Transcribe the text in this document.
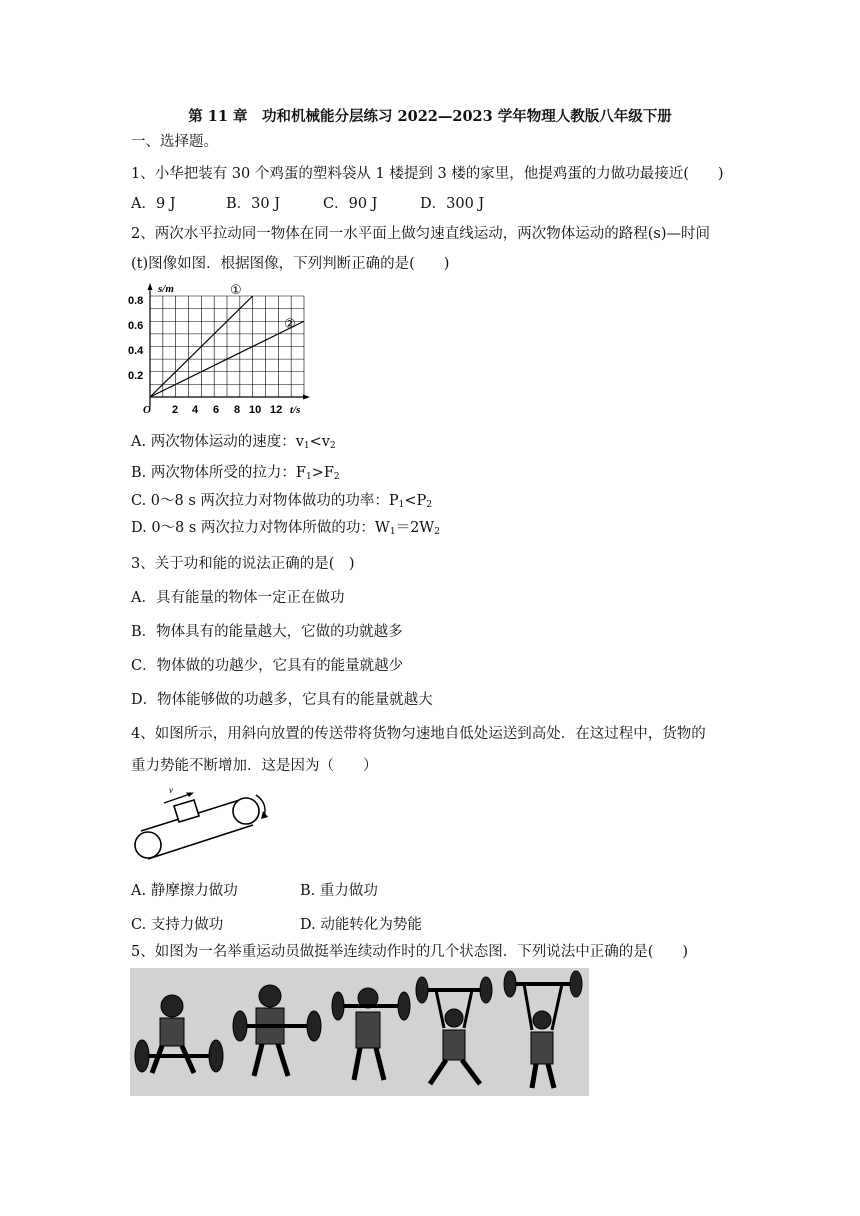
第 11 章　功和机械能分层练习 2022—2023 学年物理人教版八年级下册
一、选择题。
1、小华把装有 30 个鸡蛋的塑料袋从 1 楼提到 3 楼的家里，他提鸡蛋的力做功最接近(　　)
A．9 J	B．30 J	C．90 J	D．300 J
2、两次水平拉动同一物体在同一水平面上做匀速直线运动，两次物体运动的路程(s)—时间
(t)图像如图．根据图像，下列判断正确的是(　　)
s/m
t/s
O
0.2
0.4
0.6
0.8
2 4 6 8 10 12
①
②
A. 两次物体运动的速度：$v_1<v_2$
B. 两次物体所受的拉力：$F_1>F_2$
C. 0～8 s 两次拉力对物体做功的功率：$P_1<P_2$
D. 0～8 s 两次拉力对物体所做的功：$W_1=2W_2$
3、关于功和能的说法正确的是(　)
A．具有能量的物体一定正在做功
B．物体具有的能量越大，它做的功就越多
C．物体做的功越少，它具有的能量就越少
D．物体能够做的功越多，它具有的能量就越大
4、如图所示，用斜向放置的传送带将货物匀速地自低处运送到高处．在这过程中，货物的
重力势能不断增加．这是因为（　　）
v
A. 静摩擦力做功	B. 重力做功
C. 支持力做功	D. 动能转化为势能
5、如图为一名举重运动员做挺举连续动作时的几个状态图．下列说法中正确的是(　　)
